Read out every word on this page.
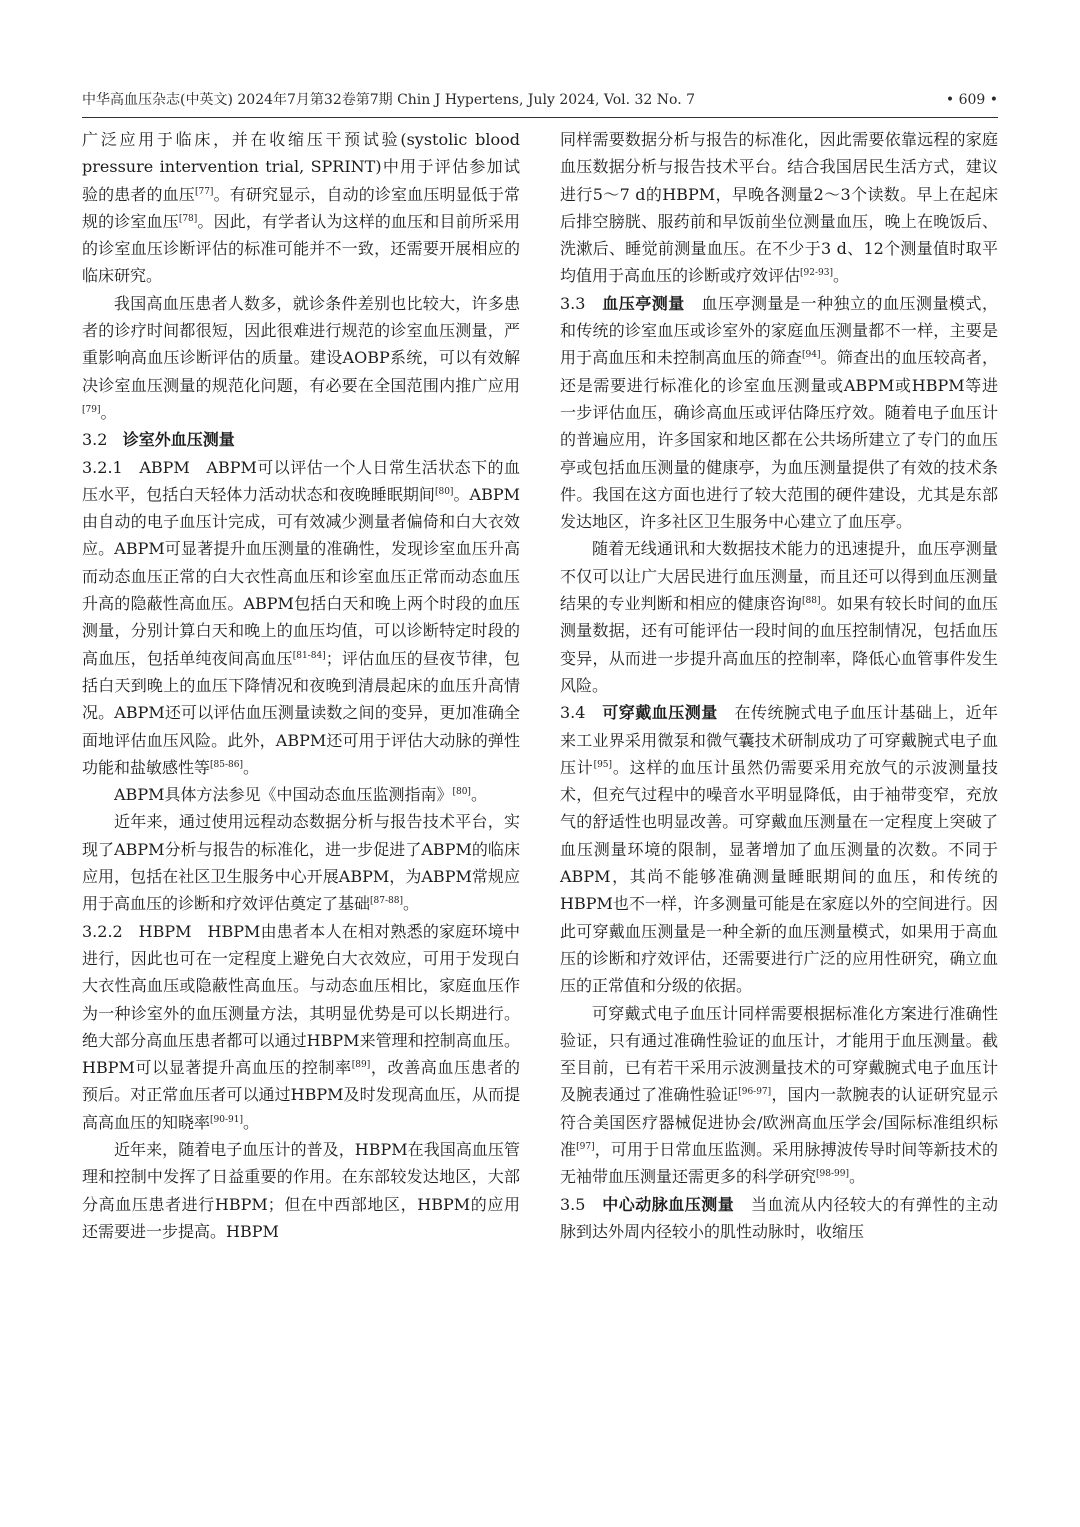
中华高血压杂志(中英文) 2024年7月第32卷第7期 Chin J Hypertens, July 2024, Vol. 32 No. 7	• 609 •

广泛应用于临床，并在收缩压干预试验(systolic blood pressure intervention trial, SPRINT)中用于评估参加试验的患者的血压[77]。有研究显示，自动的诊室血压明显低于常规的诊室血压[78]。因此，有学者认为这样的血压和目前所采用的诊室血压诊断评估的标准可能并不一致，还需要开展相应的临床研究。

我国高血压患者人数多，就诊条件差别也比较大，许多患者的诊疗时间都很短，因此很难进行规范的诊室血压测量，严重影响高血压诊断评估的质量。建设AOBP系统，可以有效解决诊室血压测量的规范化问题，有必要在全国范围内推广应用[79]。

3.2 诊室外血压测量

3.2.1 ABPM ABPM可以评估一个人日常生活状态下的血压水平，包括白天轻体力活动状态和夜晚睡眠期间[80]。ABPM由自动的电子血压计完成，可有效减少测量者偏倚和白大衣效应。ABPM可显著提升血压测量的准确性，发现诊室血压升高而动态血压正常的白大衣性高血压和诊室血压正常而动态血压升高的隐蔽性高血压。ABPM包括白天和晚上两个时段的血压测量，分别计算白天和晚上的血压均值，可以诊断特定时段的高血压，包括单纯夜间高血压[81-84]；评估血压的昼夜节律，包括白天到晚上的血压下降情况和夜晚到清晨起床的血压升高情况。ABPM还可以评估血压测量读数之间的变异，更加准确全面地评估血压风险。此外，ABPM还可用于评估大动脉的弹性功能和盐敏感性等[85-86]。

ABPM具体方法参见《中国动态血压监测指南》[80]。

近年来，通过使用远程动态数据分析与报告技术平台，实现了ABPM分析与报告的标准化，进一步促进了ABPM的临床应用，包括在社区卫生服务中心开展ABPM，为ABPM常规应用于高血压的诊断和疗效评估奠定了基础[87-88]。

3.2.2 HBPM HBPM由患者本人在相对熟悉的家庭环境中进行，因此也可在一定程度上避免白大衣效应，可用于发现白大衣性高血压或隐蔽性高血压。与动态血压相比，家庭血压作为一种诊室外的血压测量方法，其明显优势是可以长期进行。绝大部分高血压患者都可以通过HBPM来管理和控制高血压。HBPM可以显著提升高血压的控制率[89]，改善高血压患者的预后。对正常血压者可以通过HBPM及时发现高血压，从而提高高血压的知晓率[90-91]。

近年来，随着电子血压计的普及，HBPM在我国高血压管理和控制中发挥了日益重要的作用。在东部较发达地区，大部分高血压患者进行HBPM；但在中西部地区，HBPM的应用还需要进一步提高。HBPM

同样需要数据分析与报告的标准化，因此需要依靠远程的家庭血压数据分析与报告技术平台。结合我国居民生活方式，建议进行5～7 d的HBPM，早晚各测量2～3个读数。早上在起床后排空膀胱、服药前和早饭前坐位测量血压，晚上在晚饭后、洗漱后、睡觉前测量血压。在不少于3 d、12个测量值时取平均值用于高血压的诊断或疗效评估[92-93]。

3.3 血压亭测量 血压亭测量是一种独立的血压测量模式，和传统的诊室血压或诊室外的家庭血压测量都不一样，主要是用于高血压和未控制高血压的筛查[94]。筛查出的血压较高者，还是需要进行标准化的诊室血压测量或ABPM或HBPM等进一步评估血压，确诊高血压或评估降压疗效。随着电子血压计的普遍应用，许多国家和地区都在公共场所建立了专门的血压亭或包括血压测量的健康亭，为血压测量提供了有效的技术条件。我国在这方面也进行了较大范围的硬件建设，尤其是东部发达地区，许多社区卫生服务中心建立了血压亭。

随着无线通讯和大数据技术能力的迅速提升，血压亭测量不仅可以让广大居民进行血压测量，而且还可以得到血压测量结果的专业判断和相应的健康咨询[88]。如果有较长时间的血压测量数据，还有可能评估一段时间的血压控制情况，包括血压变异，从而进一步提升高血压的控制率，降低心血管事件发生风险。

3.4 可穿戴血压测量 在传统腕式电子血压计基础上，近年来工业界采用微泵和微气囊技术研制成功了可穿戴腕式电子血压计[95]。这样的血压计虽然仍需要采用充放气的示波测量技术，但充气过程中的噪音水平明显降低，由于袖带变窄，充放气的舒适性也明显改善。可穿戴血压测量在一定程度上突破了血压测量环境的限制，显著增加了血压测量的次数。不同于ABPM，其尚不能够准确测量睡眠期间的血压，和传统的HBPM也不一样，许多测量可能是在家庭以外的空间进行。因此可穿戴血压测量是一种全新的血压测量模式，如果用于高血压的诊断和疗效评估，还需要进行广泛的应用性研究，确立血压的正常值和分级的依据。

可穿戴式电子血压计同样需要根据标准化方案进行准确性验证，只有通过准确性验证的血压计，才能用于血压测量。截至目前，已有若干采用示波测量技术的可穿戴腕式电子血压计及腕表通过了准确性验证[96-97]，国内一款腕表的认证研究显示符合美国医疗器械促进协会/欧洲高血压学会/国际标准组织标准[97]，可用于日常血压监测。采用脉搏波传导时间等新技术的无袖带血压测量还需更多的科学研究[98-99]。

3.5 中心动脉血压测量 当血流从内径较大的有弹性的主动脉到达外周内径较小的肌性动脉时，收缩压
